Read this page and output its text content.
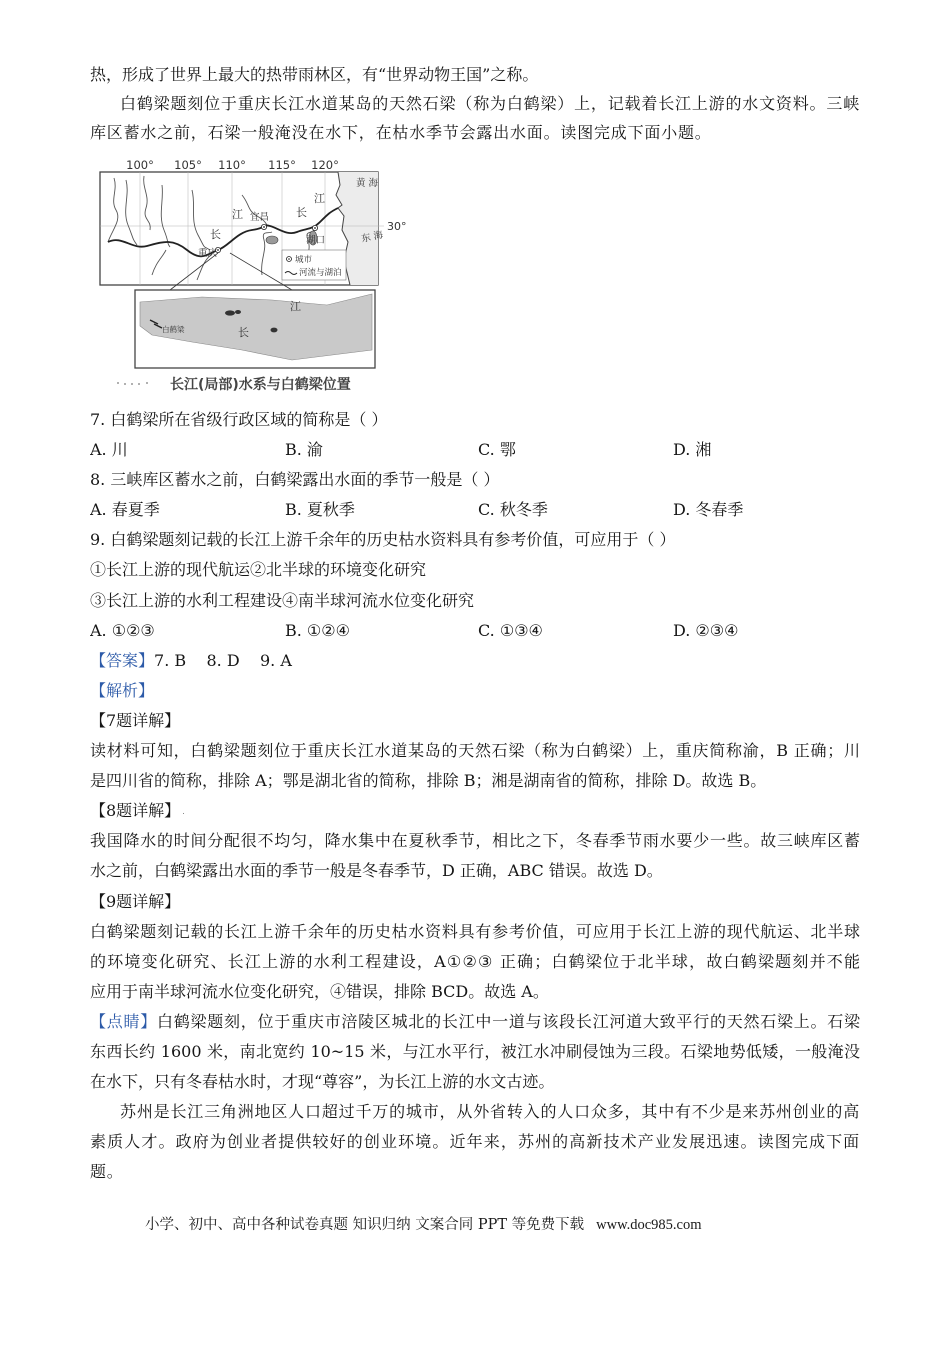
热，形成了世界上最大的热带雨林区，有“世界动物王国”之称。
白鹤梁题刻位于重庆长江水道某岛的天然石梁（称为白鹤梁）上，记载着长江上游的水文资料。三峡
库区蓄水之前，石梁一般淹没在水下，在枯水季节会露出水面。读图完成下面小题。
100° 105° 110° 115° 120°
30°
黄海
东海
长
江	长
江
宜昌
重庆
湖口
城市
河流与湖泊
江
长
白鹤梁
长江(局部)水系与白鹤梁位置
7. 白鹤梁所在省级行政区域的简称是（ ）
A. 川	B. 渝	C. 鄂	D. 湘
8. 三峡库区蓄水之前，白鹤梁露出水面的季节一般是（ ）
A. 春夏季	B. 夏秋季	C. 秋冬季	D. 冬春季
9. 白鹤梁题刻记载的长江上游千余年的历史枯水资料具有参考价值，可应用于（ ）
①长江上游的现代航运②北半球的环境变化研究
③长江上游的水利工程建设④南半球河流水位变化研究
A. ①②③	B. ①②④	C. ①③④	D. ②③④
【答案】7. B    8. D    9. A
【解析】
【7题详解】
读材料可知，白鹤梁题刻位于重庆长江水道某岛的天然石梁（称为白鹤梁）上，重庆简称渝，B 正确；川
是四川省的简称，排除 A；鄂是湖北省的简称，排除 B；湘是湖南省的简称，排除 D。故选 B。
【8题详解】 .
我国降水的时间分配很不均匀，降水集中在夏秋季节，相比之下，冬春季节雨水要少一些。故三峡库区蓄
水之前，白鹤梁露出水面的季节一般是冬春季节，D 正确，ABC 错误。故选 D。
【9题详解】
白鹤梁题刻记载的长江上游千余年的历史枯水资料具有参考价值，可应用于长江上游的现代航运、北半球
的环境变化研究、长江上游的水利工程建设，A①②③ 正确；白鹤梁位于北半球，故白鹤梁题刻并不能
应用于南半球河流水位变化研究，④错误，排除 BCD。故选 A。
【点睛】白鹤梁题刻，位于重庆市涪陵区城北的长江中一道与该段长江河道大致平行的天然石梁上。石梁
东西长约 1600 米，南北宽约 10~15 米，与江水平行，被江水冲刷侵蚀为三段。石梁地势低矮，一般淹没
在水下，只有冬春枯水时，才现“尊容”，为长江上游的水文古迹。
苏州是长江三角洲地区人口超过千万的城市，从外省转入的人口众多，其中有不少是来苏州创业的高
素质人才。政府为创业者提供较好的创业环境。近年来，苏州的高新技术产业发展迅速。读图完成下面
题。
小学、初中、高中各种试卷真题 知识归纳 文案合同 PPT 等免费下载 www.doc985.com
